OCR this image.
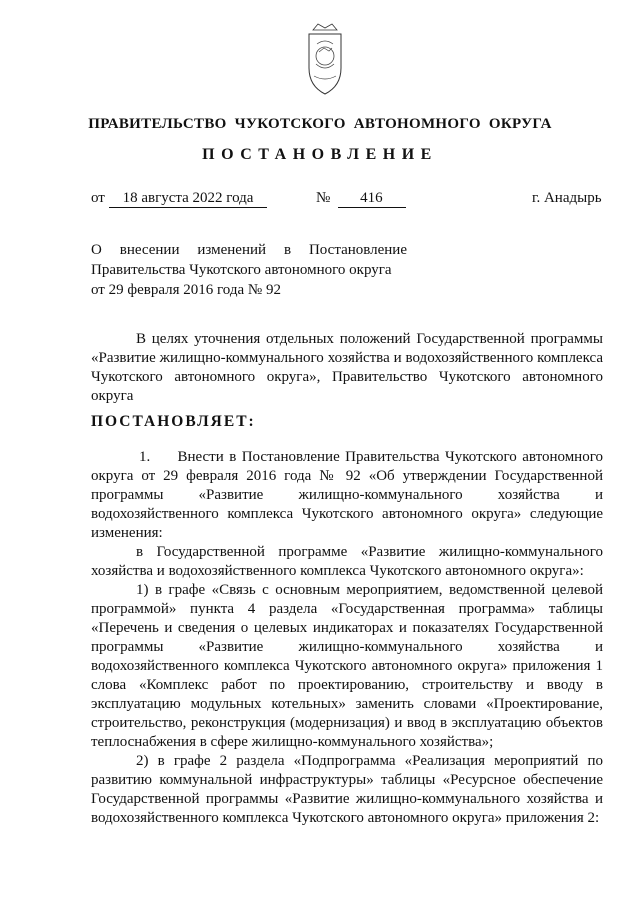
ПРАВИТЕЛЬСТВО ЧУКОТСКОГО АВТОНОМНОГО ОКРУГА
ПОСТАНОВЛЕНИЕ
от 18 августа 2022 года	№ 416	г. Анадырь
О внесении изменений в Постановление
Правительства Чукотского автономного округа
от 29 февраля 2016 года № 92

В целях уточнения отдельных положений Государственной программы «Развитие жилищно-коммунального хозяйства и водохозяйственного комплекса Чукотского автономного округа», Правительство Чукотского автономного округа

ПОСТАНОВЛЯЕТ:

1.     Внести в Постановление Правительства Чукотского автономного округа от 29 февраля 2016 года № 92 «Об утверждении Государственной программы «Развитие жилищно-коммунального хозяйства и водохозяйственного комплекса Чукотского автономного округа» следующие изменения:

в Государственной программе «Развитие жилищно-коммунального хозяйства и водохозяйственного комплекса Чукотского автономного округа»:

1) в графе «Связь с основным мероприятием, ведомственной целевой программой» пункта 4 раздела «Государственная программа» таблицы «Перечень и сведения о целевых индикаторах и показателях Государственной программы «Развитие жилищно-коммунального хозяйства и водохозяйственного комплекса Чукотского автономного округа» приложения 1 слова «Комплекс работ по проектированию, строительству и вводу в эксплуатацию модульных котельных» заменить словами «Проектирование, строительство, реконструкция (модернизация) и ввод в эксплуатацию объектов теплоснабжения в сфере жилищно-коммунального хозяйства»;

2) в графе 2 раздела «Подпрограмма «Реализация мероприятий по развитию коммунальной инфраструктуры» таблицы «Ресурсное обеспечение Государственной программы «Развитие жилищно-коммунального хозяйства и водохозяйственного комплекса Чукотского автономного округа» приложения 2:
